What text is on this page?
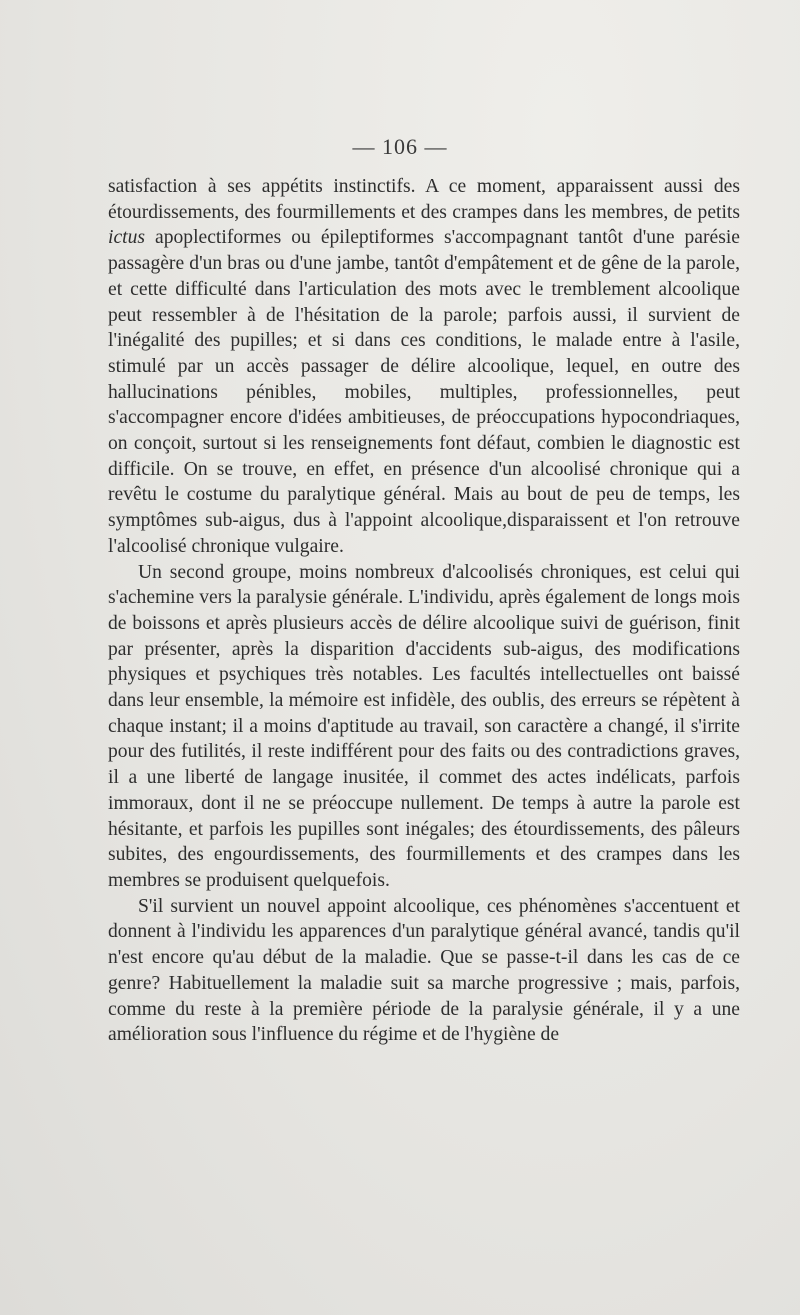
— 106 —

satisfaction à ses appétits instinctifs. A ce moment, apparaissent aussi des étourdissements, des fourmillements et des crampes dans les membres, de petits ictus apoplectiformes ou épileptiformes s'accompagnant tantôt d'une parésie passagère d'un bras ou d'une jambe, tantôt d'empâtement et de gêne de la parole, et cette difficulté dans l'articulation des mots avec le tremblement alcoolique peut ressembler à de l'hésitation de la parole; parfois aussi, il survient de l'inégalité des pupilles; et si dans ces conditions, le malade entre à l'asile, stimulé par un accès passager de délire alcoolique, lequel, en outre des hallucinations pénibles, mobiles, multiples, professionnelles, peut s'accompagner encore d'idées ambitieuses, de préoccupations hypocondriaques, on conçoit, surtout si les renseignements font défaut, combien le diagnostic est difficile. On se trouve, en effet, en présence d'un alcoolisé chronique qui a revêtu le costume du paralytique général. Mais au bout de peu de temps, les symptômes sub-aigus, dus à l'appoint alcoolique,disparaissent et l'on retrouve l'alcoolisé chronique vulgaire.

Un second groupe, moins nombreux d'alcoolisés chroniques, est celui qui s'achemine vers la paralysie générale. L'individu, après également de longs mois de boissons et après plusieurs accès de délire alcoolique suivi de guérison, finit par présenter, après la disparition d'accidents sub-aigus, des modifications physiques et psychiques très notables. Les facultés intellectuelles ont baissé dans leur ensemble, la mémoire est infidèle, des oublis, des erreurs se répètent à chaque instant; il a moins d'aptitude au travail, son caractère a changé, il s'irrite pour des futilités, il reste indifférent pour des faits ou des contradictions graves, il a une liberté de langage inusitée, il commet des actes indélicats, parfois immoraux, dont il ne se préoccupe nullement. De temps à autre la parole est hésitante, et parfois les pupilles sont inégales; des étourdissements, des pâleurs subites, des engourdissements, des fourmillements et des crampes dans les membres se produisent quelquefois.

S'il survient un nouvel appoint alcoolique, ces phénomènes s'accentuent et donnent à l'individu les apparences d'un paralytique général avancé, tandis qu'il n'est encore qu'au début de la maladie. Que se passe-t-il dans les cas de ce genre? Habituellement la maladie suit sa marche progressive ; mais, parfois, comme du reste à la première période de la paralysie générale, il y a une amélioration sous l'influence du régime et de l'hygiène de
